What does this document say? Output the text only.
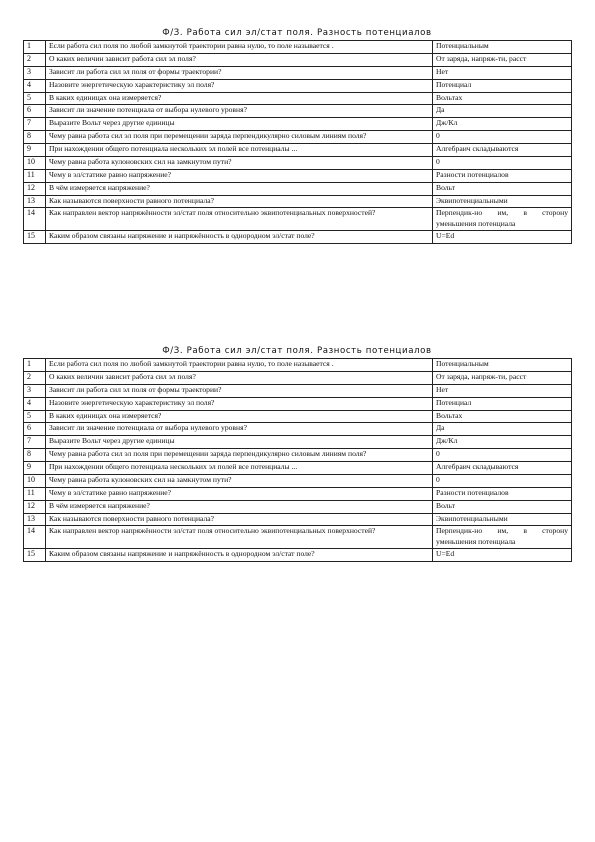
Ф/З. Работа сил эл/стат поля. Разность потенциалов
1	Если работа сил поля по любой замкнутой траектории равна нулю, то поле называется .	Потенциальным
2	О каких величин зависит работа сил эл поля?	От заряда, напряж-ти, расст
3	Зависит ли работа сил эл поля от формы траектории?	Нет
4	Назовите энергетическую характеристику эл поля?	Потенциал
5	В каких единицах она измеряется?	Вольтах
6	Зависит ли значение потенциала от выбора нулевого уровня?	Да
7	Выразите Вольт через другие единицы	Дж/Кл
8	Чему равна работа сил эл поля при перемещении заряда перпендикулярно силовым линиям поля?	0
9	При нахождении общего потенциала нескольких эл полей все потенциалы ...	Алгебраич складываются
10	Чему равна работа кулоновских сил на замкнутом пути?	0
11	Чему в эл/статике равно напряжение?	Разности потенциалов
12	В чём измеряется напряжение?	Вольт
13	Как называются поверхности равного потенциала?	Эквипотенциальными
14	Как направлен вектор напряжённости эл/стат поля относительно эквипотенциальных поверхностей?	Перпендик-но им, в сторону уменьшения потенциала
15	Каким образом связаны напряжение и напряжённость в однородном эл/стат поле?	U=Ed
Ф/З. Работа сил эл/стат поля. Разность потенциалов
1	Если работа сил поля по любой замкнутой траектории равна нулю, то поле называется .	Потенциальным
2	О каких величин зависит работа сил эл поля?	От заряда, напряж-ти, расст
3	Зависит ли работа сил эл поля от формы траектории?	Нет
4	Назовите энергетическую характеристику эл поля?	Потенциал
5	В каких единицах она измеряется?	Вольтах
6	Зависит ли значение потенциала от выбора нулевого уровня?	Да
7	Выразите Вольт через другие единицы	Дж/Кл
8	Чему равна работа сил эл поля при перемещении заряда перпендикулярно силовым линиям поля?	0
9	При нахождении общего потенциала нескольких эл полей все потенциалы ...	Алгебраич складываются
10	Чему равна работа кулоновских сил на замкнутом пути?	0
11	Чему в эл/статике равно напряжение?	Разности потенциалов
12	В чём измеряется напряжение?	Вольт
13	Как называются поверхности равного потенциала?	Эквипотенциальными
14	Как направлен вектор напряжённости эл/стат поля относительно эквипотенциальных поверхностей?	Перпендик-но им, в сторону уменьшения потенциала
15	Каким образом связаны напряжение и напряжённость в однородном эл/стат поле?	U=Ed
